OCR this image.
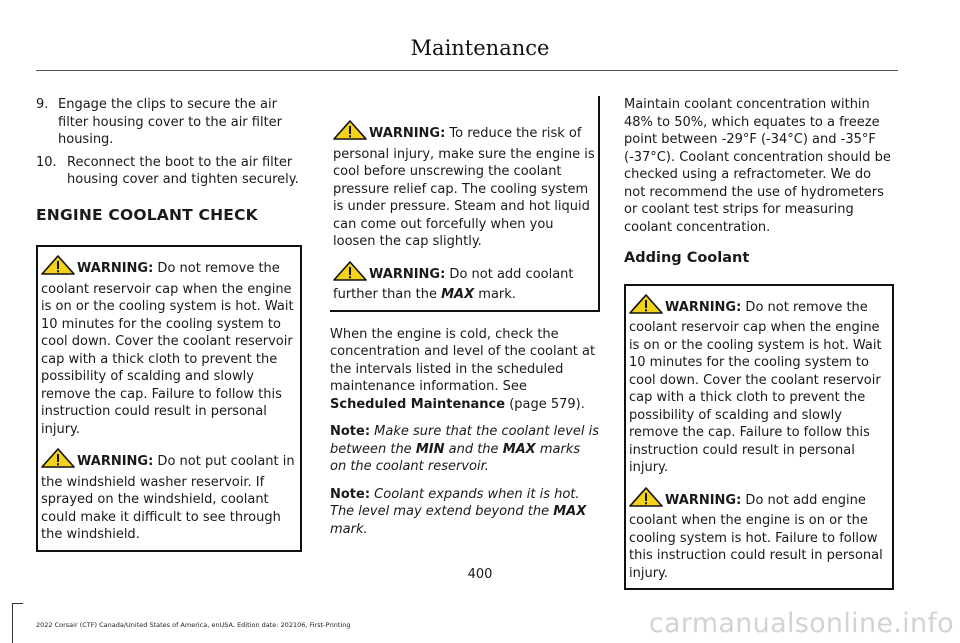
Maintenance
9. Engage the clips to secure the air filter housing cover to the air filter housing.
10. Reconnect the boot to the air filter housing cover and tighten securely.
ENGINE COOLANT CHECK
WARNING: Do not remove the coolant reservoir cap when the engine is on or the cooling system is hot. Wait 10 minutes for the cooling system to cool down. Cover the coolant reservoir cap with a thick cloth to prevent the possibility of scalding and slowly remove the cap. Failure to follow this instruction could result in personal injury.
WARNING: Do not put coolant in the windshield washer reservoir. If sprayed on the windshield, coolant could make it difficult to see through the windshield.
WARNING: To reduce the risk of personal injury, make sure the engine is cool before unscrewing the coolant pressure relief cap. The cooling system is under pressure. Steam and hot liquid can come out forcefully when you loosen the cap slightly.
WARNING: Do not add coolant further than the MAX mark.

When the engine is cold, check the concentration and level of the coolant at the intervals listed in the scheduled maintenance information. See Scheduled Maintenance (page 579).

Note: Make sure that the coolant level is between the MIN and the MAX marks on the coolant reservoir.

Note: Coolant expands when it is hot. The level may extend beyond the MAX mark.

Maintain coolant concentration within 48% to 50%, which equates to a freeze point between -29°F (-34°C) and -35°F (-37°C). Coolant concentration should be checked using a refractometer. We do not recommend the use of hydrometers or coolant test strips for measuring coolant concentration.

Adding Coolant
WARNING: Do not remove the coolant reservoir cap when the engine is on or the cooling system is hot. Wait 10 minutes for the cooling system to cool down. Cover the coolant reservoir cap with a thick cloth to prevent the possibility of scalding and slowly remove the cap. Failure to follow this instruction could result in personal injury.
WARNING: Do not add engine coolant when the engine is on or the cooling system is hot. Failure to follow this instruction could result in personal injury.
400
2022 Corsair (CTF) Canada/United States of America, enUSA, Edition date: 202106, First-Printing	carmanualsonline.info
